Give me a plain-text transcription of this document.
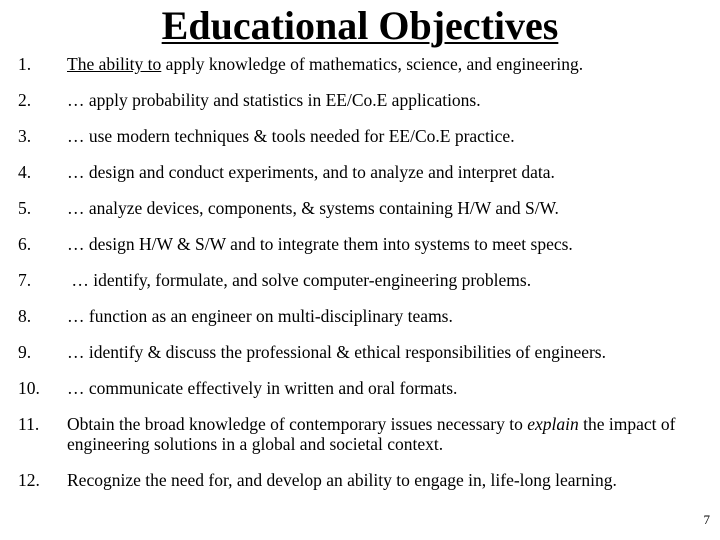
Educational Objectives
1.	The ability to apply knowledge of mathematics, science, and engineering.
2.	… apply probability and statistics in EE/Co.E applications.
3.	… use modern techniques & tools needed for EE/Co.E practice.
4.	… design and conduct experiments, and to analyze and interpret data.
5.	… analyze devices, components, & systems containing H/W and S/W.
6.	… design H/W & S/W and to integrate them into systems to meet specs.
7.	… identify, formulate, and solve computer-engineering problems.
8.	… function as an engineer on multi-disciplinary teams.
9.	… identify & discuss the professional & ethical responsibilities of engineers.
10.	… communicate effectively in written and oral formats.
11.	Obtain the broad knowledge of contemporary issues necessary to explain the impact of engineering solutions in a global and societal context.
12.	Recognize the need for, and develop an ability to engage in, life-long learning.
7
